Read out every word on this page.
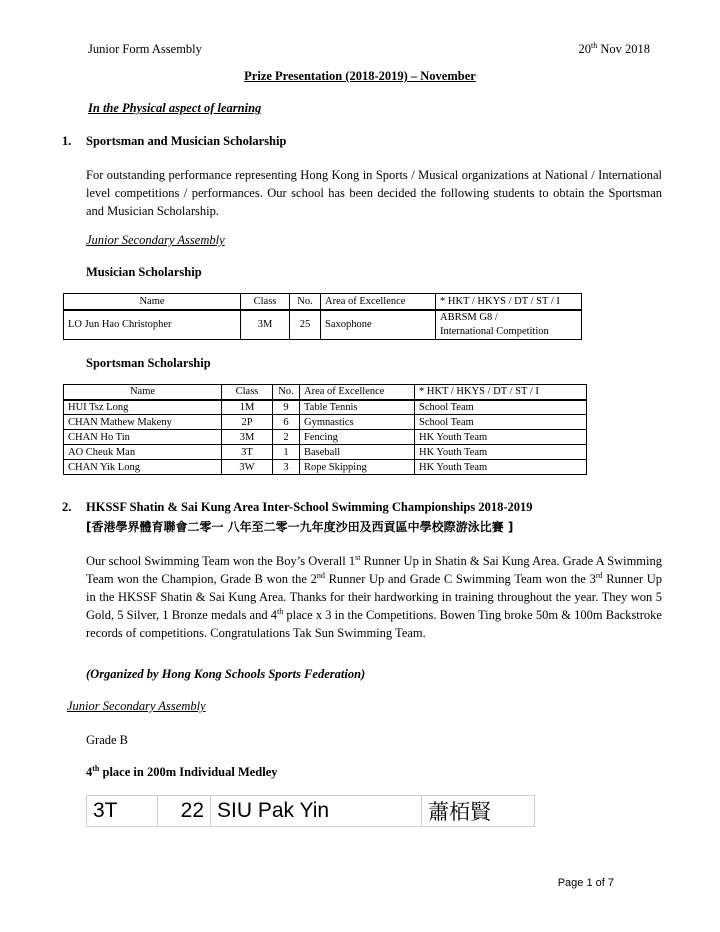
Junior Form Assembly	20th Nov 2018
Prize Presentation (2018-2019) – November
In the Physical aspect of learning
1. Sportsman and Musician Scholarship

For outstanding performance representing Hong Kong in Sports / Musical organizations at National / International level competitions / performances. Our school has been decided the following students to obtain the Sportsman and Musician Scholarship.

Junior Secondary Assembly
Musician Scholarship
Name	Class	No.	Area of Excellence	* HKT / HKYS / DT / ST / I
LO Jun Hao Christopher	3M	25	Saxophone	ABRSM G8 /
International Competition
Sportsman Scholarship
Name	Class	No.	Area of Excellence	* HKT / HKYS / DT / ST / I
HUI Tsz Long	1M	9	Table Tennis	School Team
CHAN Mathew Makeny	2P	6	Gymnastics	School Team
CHAN Ho Tin	3M	2	Fencing	HK Youth Team
AO Cheuk Man	3T	1	Baseball	HK Youth Team
CHAN Yik Long	3W	3	Rope Skipping	HK Youth Team
2. HKSSF Shatin & Sai Kung Area Inter-School Swimming Championships 2018-2019
[香港學界體育聯會二零一 八年至二零一九年度沙田及西貢區中學校際游泳比賽 ]

Our school Swimming Team won the Boy’s Overall 1st Runner Up in Shatin & Sai Kung Area. Grade A Swimming Team won the Champion, Grade B won the 2nd Runner Up and Grade C Swimming Team won the 3rd Runner Up in the HKSSF Shatin & Sai Kung Area. Thanks for their hardworking in training throughout the year. They won 5 Gold, 5 Silver, 1 Bronze medals and 4th place x 3 in the Competitions. Bowen Ting broke 50m & 100m Backstroke records of competitions. Congratulations Tak Sun Swimming Team.

(Organized by Hong Kong Schools Sports Federation)
Junior Secondary Assembly
Grade B
4th place in 200m Individual Medley
3T	22	SIU Pak Yin	蕭栢賢
Page 1 of 7
